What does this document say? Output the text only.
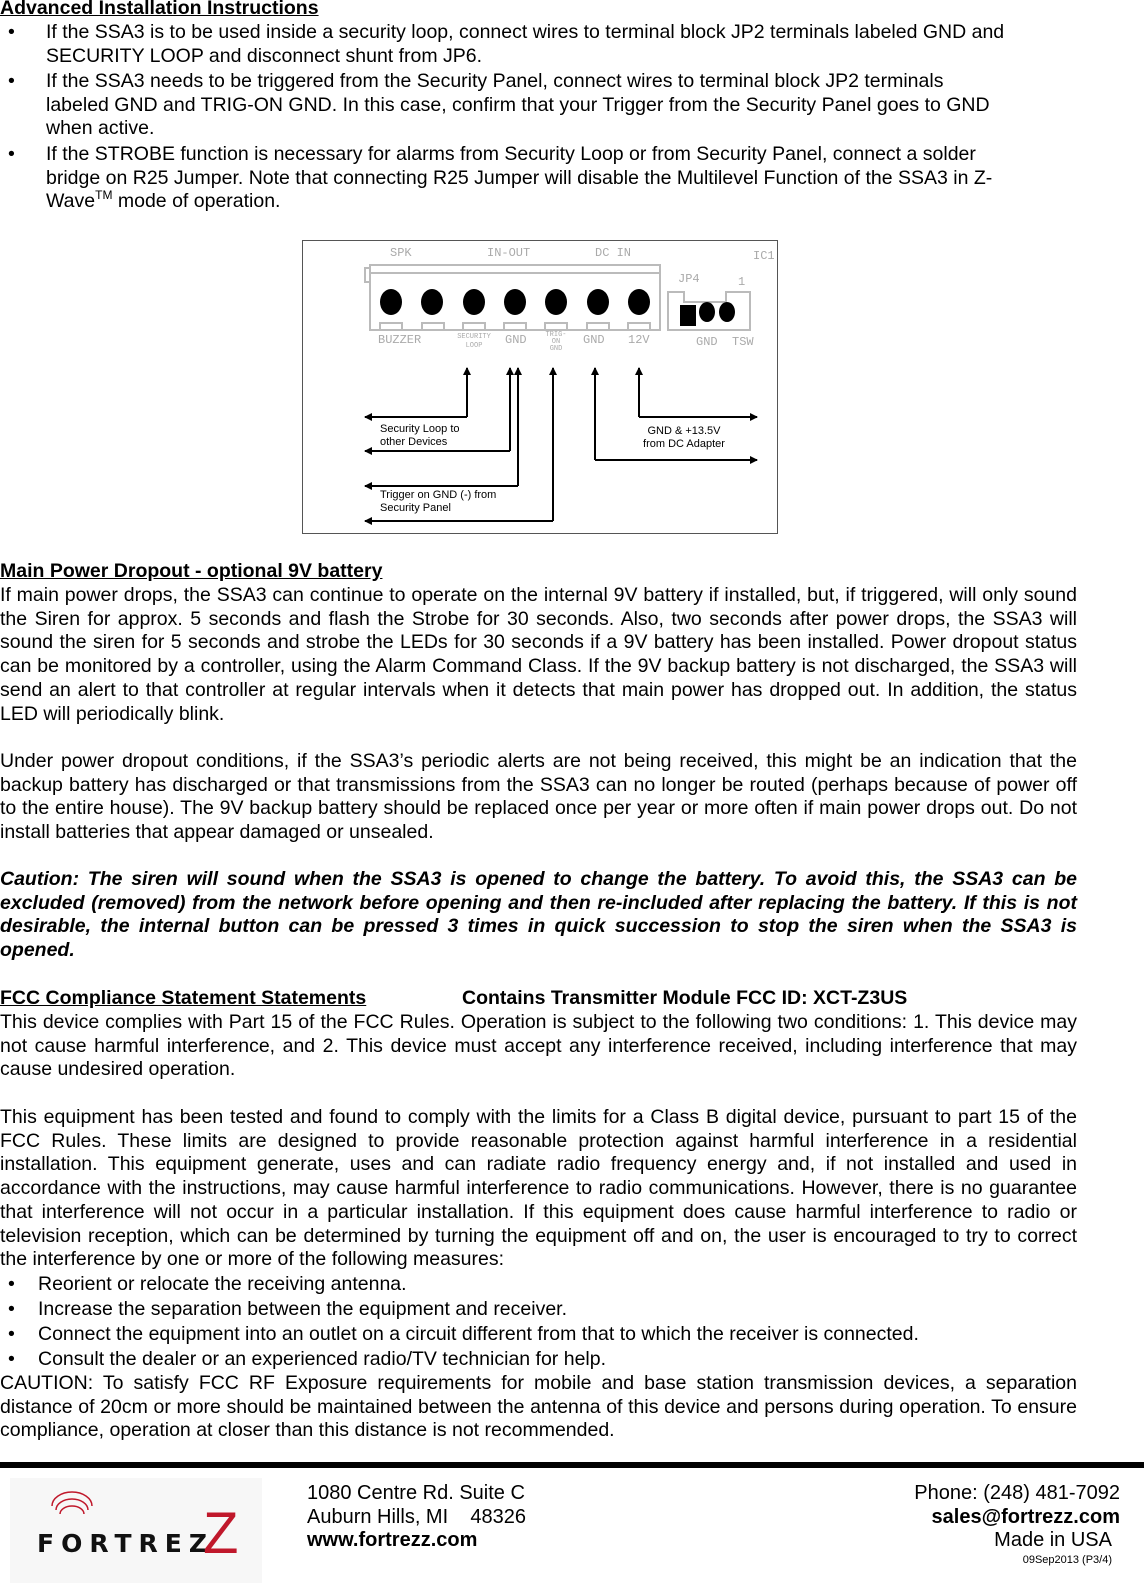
Advanced Installation Instructions
• If the SSA3 is to be used inside a security loop, connect wires to terminal block JP2 terminals labeled GND and SECURITY LOOP and disconnect shunt from JP6.
• If the SSA3 needs to be triggered from the Security Panel, connect wires to terminal block JP2 terminals labeled GND and TRIG-ON GND. In this case, confirm that your Trigger from the Security Panel goes to GND when active.
• If the STROBE function is necessary for alarms from Security Loop or from Security Panel, connect a solder bridge on R25 Jumper. Note that connecting R25 Jumper will disable the Multilevel Function of the SSA3 in Z-Wave™ mode of operation.
SPK	IN-OUT	DC IN	IC1
BUZZER	SECURITY
LOOP GND	TRIG-
ON
GND
GND 12V
JP4	1
GND  TSW
Security Loop to
other Devices
Trigger on GND (-) from
Security Panel
GND & +13.5V
from DC Adapter
Main Power Dropout - optional 9V battery
If main power drops, the SSA3 can continue to operate on the internal 9V battery if installed, but, if triggered, will only sound the Siren for approx. 5 seconds and flash the Strobe for 30 seconds. Also, two seconds after power drops, the SSA3 will sound the siren for 5 seconds and strobe the LEDs for 30 seconds if a 9V battery has been installed. Power dropout status can be monitored by a controller, using the Alarm Command Class. If the 9V backup battery is not discharged, the SSA3 will send an alert to that controller at regular intervals when it detects that main power has dropped out. In addition, the status LED will periodically blink.
Under power dropout conditions, if the SSA3’s periodic alerts are not being received, this might be an indication that the backup battery has discharged or that transmissions from the SSA3 can no longer be routed (perhaps because of power off to the entire house). The 9V backup battery should be replaced once per year or more often if main power drops out. Do not install batteries that appear damaged or unsealed.
Caution: The siren will sound when the SSA3 is opened to change the battery. To avoid this, the SSA3 can be excluded (removed) from the network before opening and then re-included after replacing the battery. If this is not desirable, the internal button can be pressed 3 times in quick succession to stop the siren when the SSA3 is opened.
FCC Compliance Statement Statements	Contains Transmitter Module FCC ID: XCT-Z3US
This device complies with Part 15 of the FCC Rules. Operation is subject to the following two conditions: 1. This device may not cause harmful interference, and 2. This device must accept any interference received, including interference that may cause undesired operation.
This equipment has been tested and found to comply with the limits for a Class B digital device, pursuant to part 15 of the FCC Rules. These limits are designed to provide reasonable protection against harmful interference in a residential installation. This equipment generate, uses and can radiate radio frequency energy and, if not installed and used in accordance with the instructions, may cause harmful interference to radio communications. However, there is no guarantee that interference will not occur in a particular installation. If this equipment does cause harmful interference to radio or television reception, which can be determined by turning the equipment off and on, the user is encouraged to try to correct the interference by one or more of the following measures:
• Reorient or relocate the receiving antenna.
• Increase the separation between the equipment and receiver.
• Connect the equipment into an outlet on a circuit different from that to which the receiver is connected.
• Consult the dealer or an experienced radio/TV technician for help.
CAUTION: To satisfy FCC RF Exposure requirements for mobile and base station transmission devices, a separation distance of 20cm or more should be maintained between the antenna of this device and persons during operation. To ensure compliance, operation at closer than this distance is not recommended.
FORTREZ
Z
1080 Centre Rd. Suite C
Auburn Hills, MI    48326
www.fortrezz.com
Phone: (248) 481-7092
sales@fortrezz.com
Made in USA
09Sep2013 (P3/4)
